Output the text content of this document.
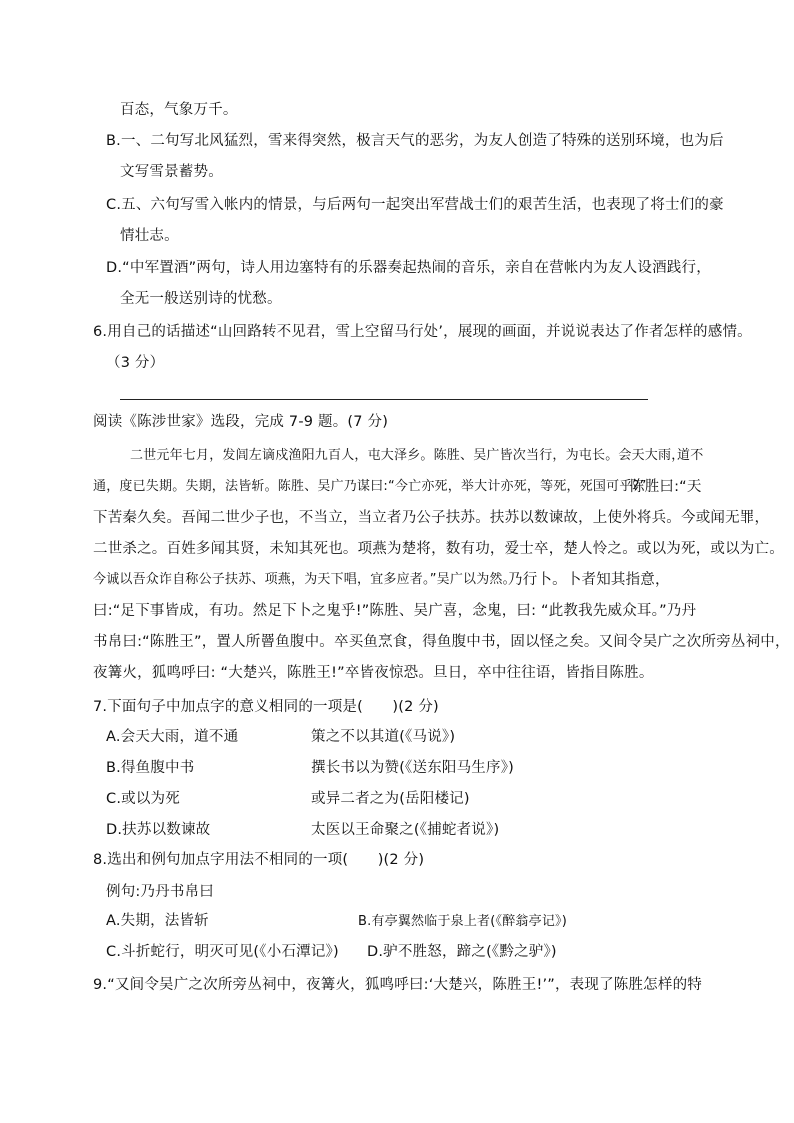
百态，气象万千。
B.一、二句写北风猛烈，雪来得突然，极言天气的恶劣，为友人创造了特殊的送别环境，也为后
文写雪景蓄势。
C.五、六句写雪入帐内的情景，与后两句一起突出军营战士们的艰苦生活，也表现了将士们的豪
情壮志。
D.“中军置酒”两句，诗人用边塞特有的乐器奏起热闹的音乐，亲自在营帐内为友人设酒践行，
全无一般送别诗的忧愁。
6.用自己的话描述“山回路转不见君，雪上空留马行处’，展现的画面，并说说表达了作者怎样的感情。
（3 分）
阅读《陈涉世家》选段，完成 7-9 题。(7 分)
二世元年七月，发闾左谪戍渔阳九百人，屯大泽乡。陈胜、吴广皆次当行，为屯长。会天大雨，
道不
通，度已失期。失期，法皆斩。陈胜、吴广乃谋曰:“今亡亦死，举大计亦死，等死，死国可乎?”
陈胜曰:“天
下苦秦久矣。吾闻二世少子也，不当立，当立者乃公子扶苏。扶苏以数谏故，上使外将兵。今或闻无罪，
二世杀之。百姓多闻其贤，未知其死也。项燕为楚将，数有功，爱士卒，楚人怜之。或以为死，或以为亡。
今诚以吾众诈自称公子扶苏、项燕，为天下唱，宜多应者。”吴广以为然。
乃行卜。卜者知其指意，
曰:“足下事皆成，有功。然足下卜之鬼乎!”陈胜、吴广喜，念鬼，曰: “此教我先威众耳。”乃丹
书帛曰:“陈胜王”，置人所罾鱼腹中。卒买鱼烹食，得鱼腹中书，固以怪之矣。又间令吴广之次所旁丛祠中，
夜篝火，狐鸣呼曰: “大楚兴，陈胜王!”卒皆夜惊恐。旦日，卒中往往语，皆指目陈胜。
7.下面句子中加点字的意义相同的一项是(　　)(2 分)
A.会天大雨，道不通	策之不以其道(《马说》)
B.得鱼腹中书	撰长书以为赞(《送东阳马生序》)
C.或以为死	或异二者之为(岳阳楼记)
D.扶苏以数谏故	太医以王命聚之(《捕蛇者说》)
8.选出和例句加点字用法不相同的一项(　　)(2 分)
例句:乃丹书帛曰
A.失期，法皆斩	B.有亭翼然临于泉上者(《醉翁亭记》)
C.斗折蛇行，明灭可见(《小石潭记》) D.驴不胜怒，蹄之(《黔之驴》)
9.“又间令吴广之次所旁丛祠中，夜篝火，狐鸣呼曰:‘大楚兴，陈胜王!’”，表现了陈胜怎样的特
